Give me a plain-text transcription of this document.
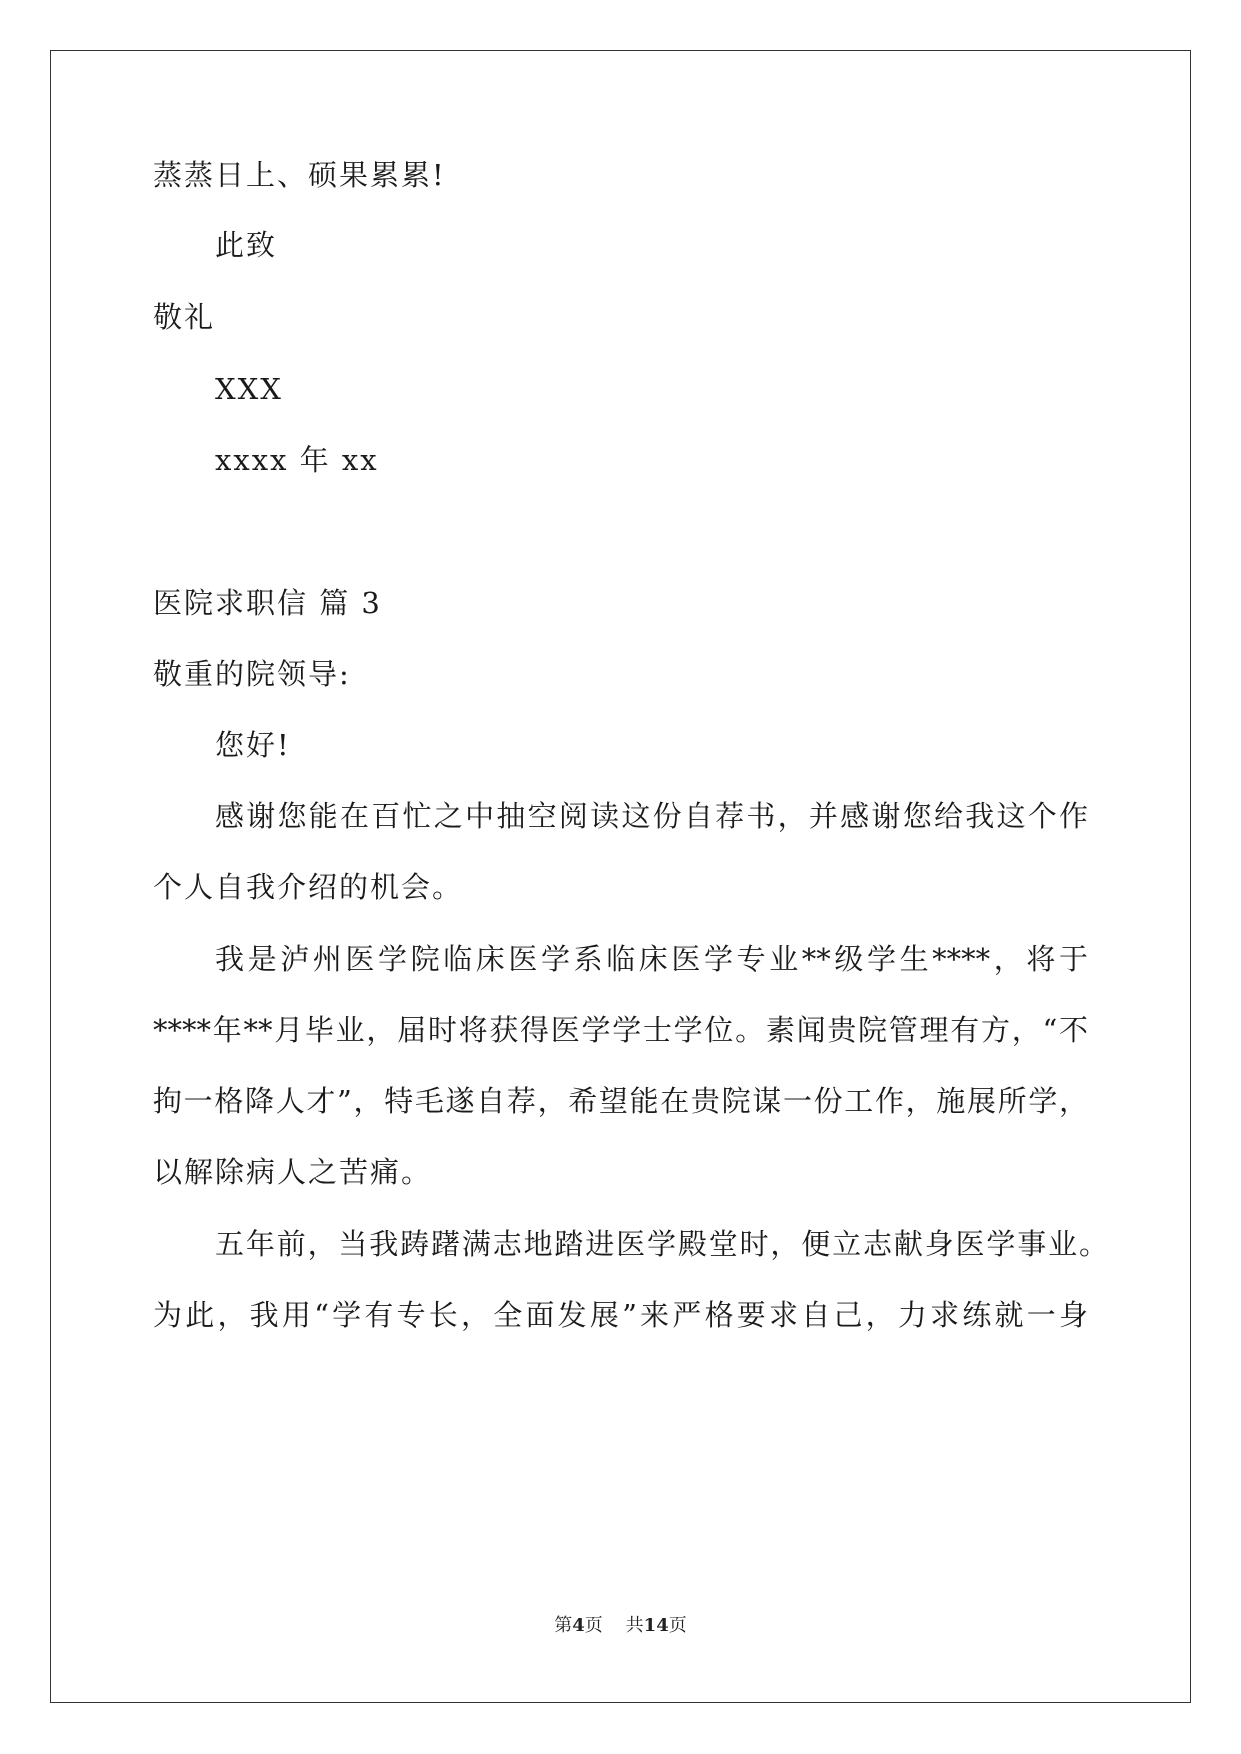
蒸蒸日上、硕果累累!
此致
敬礼
XXX
xxxx 年 xx
医院求职信 篇 3
敬重的院领导:
您好!
感谢您能在百忙之中抽空阅读这份自荐书，并感谢您给我这个作
个人自我介绍的机会。
我是泸州医学院临床医学系临床医学专业**级学生****，将于
****年**月毕业，届时将获得医学学士学位。素闻贵院管理有方，“不
拘一格降人才”，特毛遂自荐，希望能在贵院谋一份工作，施展所学，
以解除病人之苦痛。
五年前，当我踌躇满志地踏进医学殿堂时，便立志献身医学事业。
为此，我用“学有专长，全面发展”来严格要求自己，力求练就一身
第4页 共14页
